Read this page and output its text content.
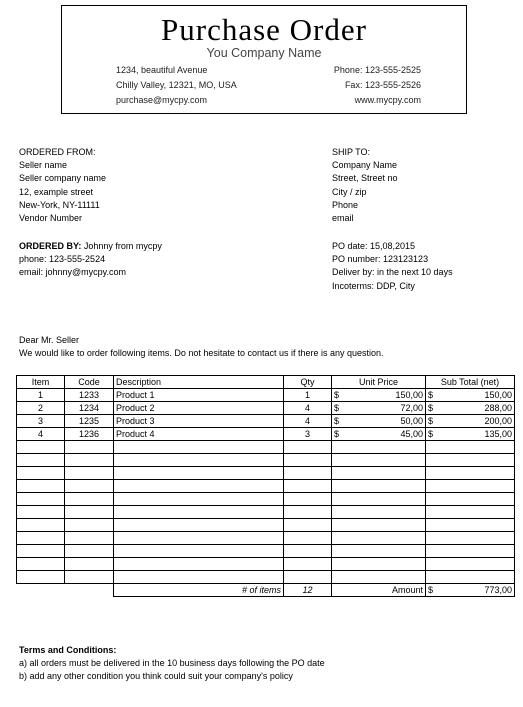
Purchase Order
You Company Name
1234, beautiful Avenue
Chilly Valley, 12321, MO, USA
purchase@mycpy.com
Phone: 123-555-2525
Fax: 123-555-2526
www.mycpy.com
ORDERED FROM:
Seller name
Seller company name
12, example street
New-York, NY-11111
Vendor Number
SHIP TO:
Company Name
Street, Street no
City / zip
Phone
email
ORDERED BY: Johnny from mycpy
phone: 123-555-2524
email: johnny@mycpy.com
PO date: 15,08,2015
PO number: 123123123
Deliver by: in the next 10 days
Incoterms: DDP, City
Dear Mr. Seller
We would like to order following items. Do not hesitate to contact us if there is any question.
Item	Code	Description	Qty	Unit Price	Sub Total (net)
1	1233	Product 1	1	$ 150,00	$ 150,00

2	1234	Product 2	4	$ 72,00	$ 288,00

3	1235	Product 3	4	$ 50,00	$ 200,00

4	1236	Product 4	3	$ 45,00	$ 135,00

		# of items	12	Amount	$ 773,00
Terms and Conditions:
a) all orders must be delivered in the 10 business days following the PO date
b) add any other condition you think could suit your company's policy
